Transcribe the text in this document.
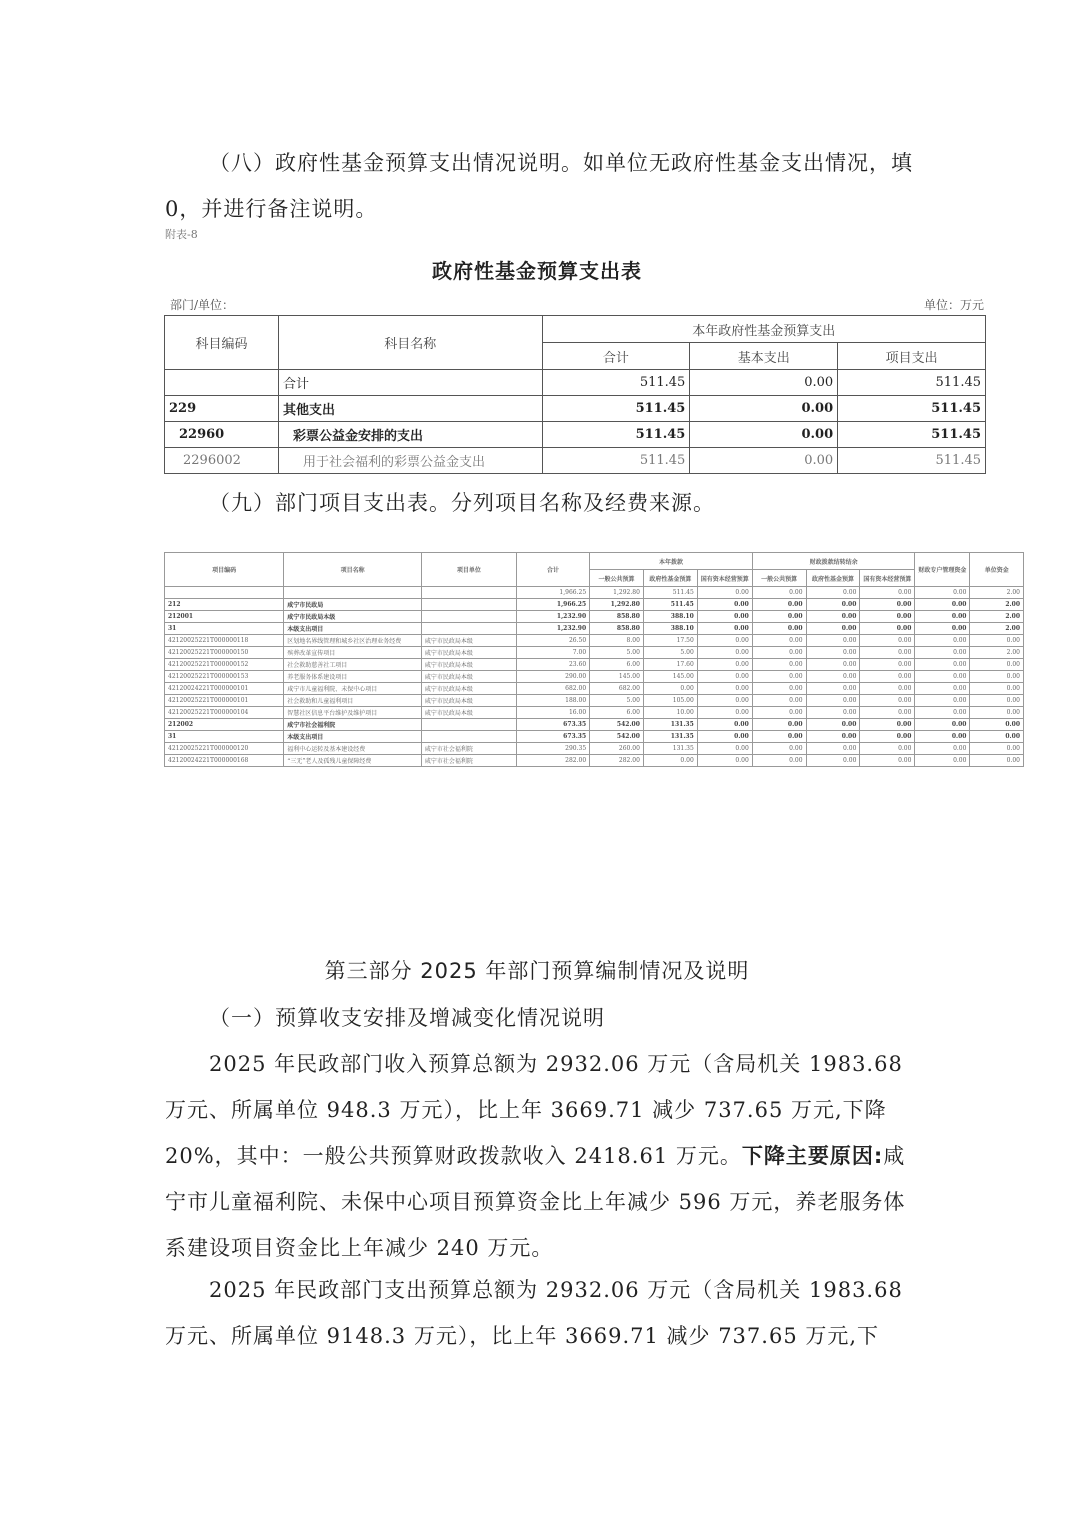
（八）政府性基金预算支出情况说明。如单位无政府性基金支出情况，填 0，并进行备注说明。
附表-8
政府性基金预算支出表
部门/单位：	单位：万元
科目编码	科目名称	本年政府性基金预算支出		
		合计	基本支出	项目支出
	合计	511.45	0.00	511.45
229	其他支出	511.45	0.00	511.45
22960	彩票公益金安排的支出	511.45	0.00	511.45
2296002	用于社会福利的彩票公益金支出	511.45	0.00	511.45
（九）部门项目支出表。分列项目名称及经费来源。
项目编码	项目名称	项目单位	合计	本年拨款			财政拨款结转结余			财政专户管理资金	单位资金
				一般公共预算	政府性基金预算	国有资本经营预算	一般公共预算	政府性基金预算	国有资本经营预算		
			1,966.25	1,292.80	511.45	0.00	0.00	0.00	0.00	0.00	2.00
212	咸宁市民政局		1,966.25	1,292.80	511.45	0.00	0.00	0.00	0.00	0.00	2.00
212001	咸宁市民政局本级		1,232.90	858.80	388.10	0.00	0.00	0.00	0.00	0.00	2.00
31	本级支出项目		1,232.90	858.80	388.10	0.00	0.00	0.00	0.00	0.00	2.00
42120025221T000000118	区划地名界线管理和城乡社区治理业务经费	咸宁市民政局本级	26.50	8.00	17.50	0.00	0.00	0.00	0.00	0.00	0.00
42120025221T000000150	殡葬改革宣传项目	咸宁市民政局本级	7.00	5.00	5.00	0.00	0.00	0.00	0.00	0.00	2.00
42120025221T000000152	社会救助慈善社工项目	咸宁市民政局本级	23.60	6.00	17.60	0.00	0.00	0.00	0.00	0.00	0.00
42120025221T000000153	养老服务体系建设项目	咸宁市民政局本级	290.00	145.00	145.00	0.00	0.00	0.00	0.00	0.00	0.00
42120024221T000000101	咸宁市儿童福利院、未保中心项目	咸宁市民政局本级	682.00	682.00	0.00	0.00	0.00	0.00	0.00	0.00	0.00
42120025221T000000101	社会救助和儿童福利项目	咸宁市民政局本级	188.00	5.00	105.00	0.00	0.00	0.00	0.00	0.00	0.00
42120025221T000000104	智慧社区信息平台维护及维护项目	咸宁市民政局本级	16.00	6.00	10.00	0.00	0.00	0.00	0.00	0.00	0.00
212002	咸宁市社会福利院		673.35	542.00	131.35	0.00	0.00	0.00	0.00	0.00	0.00
31	本级支出项目		673.35	542.00	131.35	0.00	0.00	0.00	0.00	0.00	0.00
42120025221T000000120	福利中心运转及基本建设经费	咸宁市社会福利院	290.35	260.00	131.35	0.00	0.00	0.00	0.00	0.00	0.00
42120024221T000000168	“三无”老人及孤残儿童保障经费	咸宁市社会福利院	282.00	282.00	0.00	0.00	0.00	0.00	0.00	0.00	0.00
第三部分 2025 年部门预算编制情况及说明
（一）预算收支安排及增减变化情况说明
2025 年民政部门收入预算总额为 2932.06 万元（含局机关 1983.68 万元、所属单位 948.3 万元），比上年 3669.71 减少 737.65 万元,下降 20%，其中：一般公共预算财政拨款收入 2418.61 万元。下降主要原因:咸宁市儿童福利院、未保中心项目预算资金比上年减少 596 万元，养老服务体系建设项目资金比上年减少 240 万元。
2025 年民政部门支出预算总额为 2932.06 万元（含局机关 1983.68 万元、所属单位 9148.3 万元），比上年 3669.71 减少 737.65 万元,下
